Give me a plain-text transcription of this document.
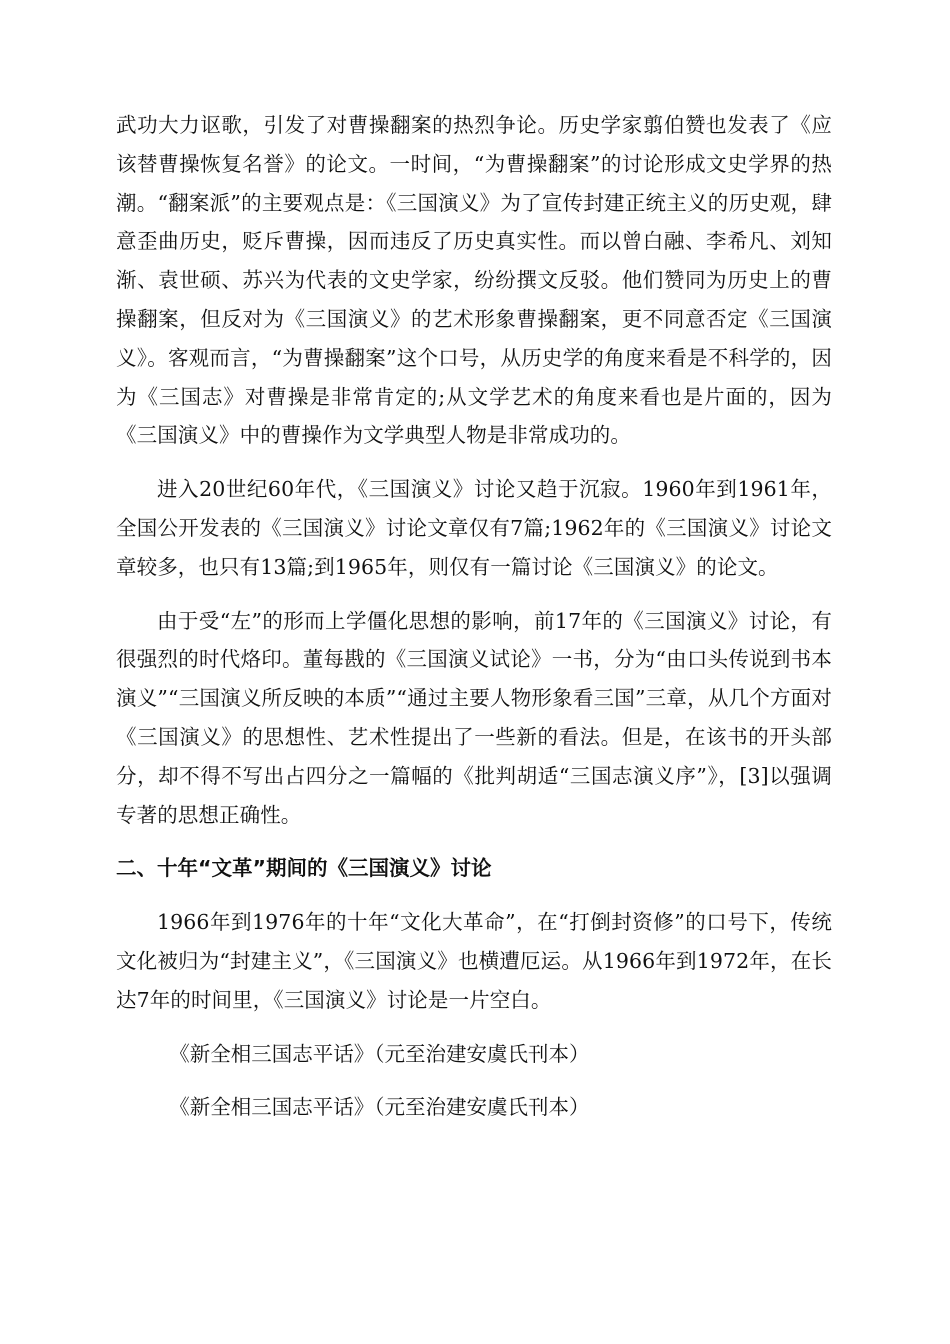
武功大力讴歌，引发了对曹操翻案的热烈争论。历史学家翦伯赞也发表了《应该替曹操恢复名誉》的论文。一时间，“为曹操翻案”的讨论形成文史学界的热潮。“翻案派”的主要观点是：《三国演义》为了宣传封建正统主义的历史观，肆意歪曲历史，贬斥曹操，因而违反了历史真实性。而以曾白融、李希凡、刘知渐、袁世硕、苏兴为代表的文史学家，纷纷撰文反驳。他们赞同为历史上的曹操翻案，但反对为《三国演义》的艺术形象曹操翻案，更不同意否定《三国演义》。客观而言，“为曹操翻案”这个口号，从历史学的角度来看是不科学的，因为《三国志》对曹操是非常肯定的;从文学艺术的角度来看也是片面的，因为《三国演义》中的曹操作为文学典型人物是非常成功的。

进入20世纪60年代，《三国演义》讨论又趋于沉寂。1960年到1961年，全国公开发表的《三国演义》讨论文章仅有7篇;1962年的《三国演义》讨论文章较多，也只有13篇;到1965年，则仅有一篇讨论《三国演义》的论文。

由于受“左”的形而上学僵化思想的影响，前17年的《三国演义》讨论，有很强烈的时代烙印。董每戡的《三国演义试论》一书，分为“由口头传说到书本演义”“三国演义所反映的本质”“通过主要人物形象看三国”三章，从几个方面对《三国演义》的思想性、艺术性提出了一些新的看法。但是，在该书的开头部分，却不得不写出占四分之一篇幅的《批判胡适“三国志演义序”》，[3]以强调专著的思想正确性。

二、十年“文革”期间的《三国演义》讨论

1966年到1976年的十年“文化大革命”，在“打倒封资修”的口号下，传统文化被归为“封建主义”，《三国演义》也横遭厄运。从1966年到1972年，在长达7年的时间里，《三国演义》讨论是一片空白。

《新全相三国志平话》（元至治建安虞氏刊本）

《新全相三国志平话》（元至治建安虞氏刊本）
